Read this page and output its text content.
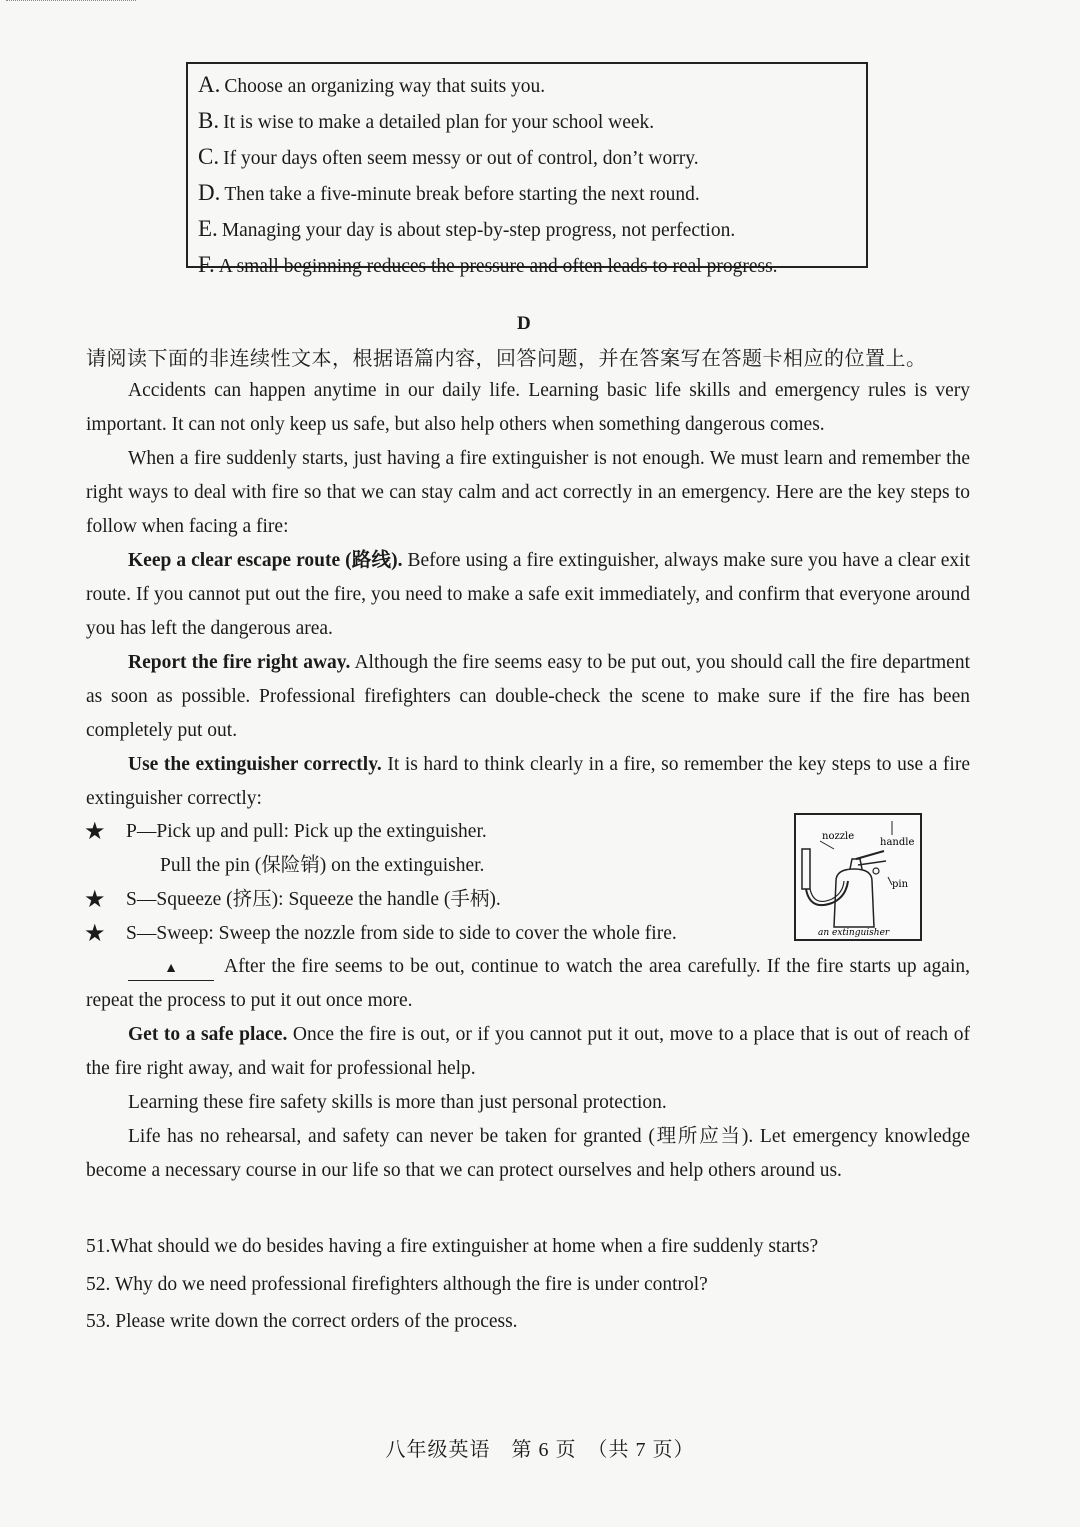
A. Choose an organizing way that suits you.
B. It is wise to make a detailed plan for your school week.
C. If your days often seem messy or out of control, don’t worry.
D. Then take a five-minute break before starting the next round.
E. Managing your day is about step-by-step progress, not perfection.
F. A small beginning reduces the pressure and often leads to real progress.
D
请阅读下面的非连续性文本，根据语篇内容，回答问题，并在答案写在答题卡相应的位置上。

Accidents can happen anytime in our daily life. Learning basic life skills and emergency rules is very important. It can not only keep us safe, but also help others when something dangerous comes.

When a fire suddenly starts, just having a fire extinguisher is not enough. We must learn and remember the right ways to deal with fire so that we can stay calm and act correctly in an emergency. Here are the key steps to follow when facing a fire:

Keep a clear escape route (路线). Before using a fire extinguisher, always make sure you have a clear exit route. If you cannot put out the fire, you need to make a safe exit immediately, and confirm that everyone around you has left the dangerous area.

Report the fire right away. Although the fire seems easy to be put out, you should call the fire department as soon as possible. Professional firefighters can double-check the scene to make sure if the fire has been completely put out.

Use the extinguisher correctly. It is hard to think clearly in a fire, so remember the key steps to use a fire extinguisher correctly:

★	P—Pick up and pull: Pick up the extinguisher.
Pull the pin (保险销) on the extinguisher.
★	S—Squeeze (挤压): Squeeze the handle (手柄).
★	S—Sweep: Sweep the nozzle from side to side to cover the whole fire.
nozzle
handle
pin
an extinguisher

▲ After the fire seems to be out, continue to watch the area carefully. If the fire starts up again, repeat the process to put it out once more.

Get to a safe place. Once the fire is out, or if you cannot put it out, move to a place that is out of reach of the fire right away, and wait for professional help.

Learning these fire safety skills is more than just personal protection.

Life has no rehearsal, and safety can never be taken for granted (理所应当). Let emergency knowledge become a necessary course in our life so that we can protect ourselves and help others around us.

51.What should we do besides having a fire extinguisher at home when a fire suddenly starts?
52. Why do we need professional firefighters although the fire is under control?
53. Please write down the correct orders of the process.
八年级英语　第 6 页　（共 7 页）
